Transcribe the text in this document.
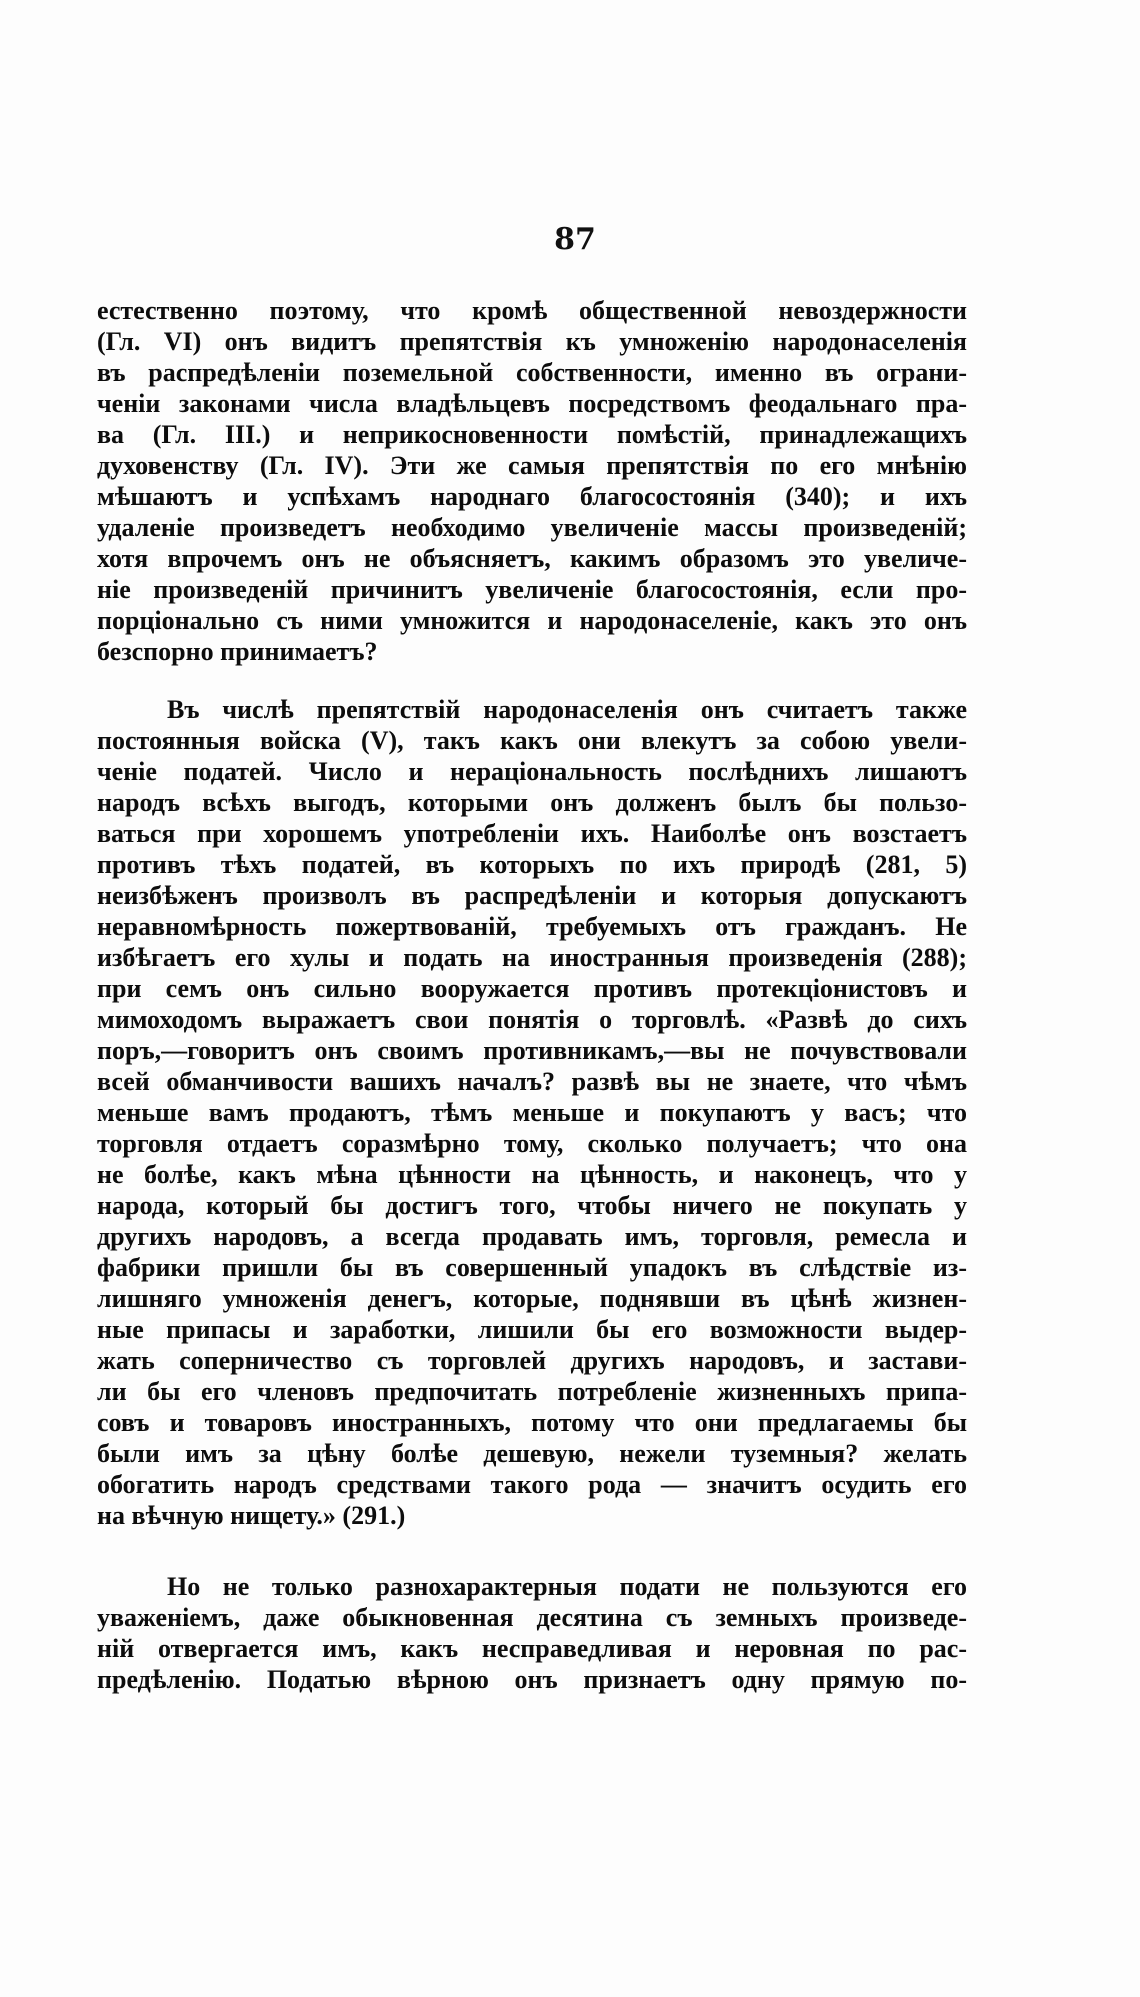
87
естественно поэтому, что кромѣ общественной невоздержности
(Гл. VI) онъ видитъ препятствія къ умноженію народонаселенія
въ распредѣленіи поземельной собственности, именно въ ограни-
ченіи законами числа владѣльцевъ посредствомъ феодальнаго пра-
ва (Гл. III.) и неприкосновенности помѣстій, принадлежащихъ
духовенству (Гл. IV). Эти же самыя препятствія по его мнѣнію
мѣшаютъ и успѣхамъ народнаго благосостоянія (340); и ихъ
удаленіе произведетъ необходимо увеличеніе массы произведеній;
хотя впрочемъ онъ не объясняетъ, какимъ образомъ это увеличе-
ніе произведеній причинитъ увеличеніе благосостоянія, если про-
порціонально съ ними умножится и народонаселеніе, какъ это онъ
безспорно принимаетъ?
Въ числѣ препятствій народонаселенія онъ считаетъ также
постоянныя войска (V), такъ какъ они влекутъ за собою увели-
ченіе податей. Число и нераціональность послѣднихъ лишаютъ
народъ всѣхъ выгодъ, которыми онъ долженъ былъ бы пользо-
ваться при хорошемъ употребленіи ихъ. Наиболѣе онъ возстаетъ
противъ тѣхъ податей, въ которыхъ по ихъ природѣ (281, 5)
неизбѣженъ произволъ въ распредѣленіи и которыя допускаютъ
неравномѣрность пожертвованій, требуемыхъ отъ гражданъ. Не
избѣгаетъ его хулы и подать на иностранныя произведенія (288);
при семъ онъ сильно вооружается противъ протекціонистовъ и
мимоходомъ выражаетъ свои понятія о торговлѣ. «Развѣ до сихъ
поръ,—говоритъ онъ своимъ противникамъ,—вы не почувствовали
всей обманчивости вашихъ началъ? развѣ вы не знаете, что чѣмъ
меньше вамъ продаютъ, тѣмъ меньше и покупаютъ у васъ; что
торговля отдаетъ соразмѣрно тому, сколько получаетъ; что она
не болѣе, какъ мѣна цѣнности на цѣнность, и наконецъ, что у
народа, который бы достигъ того, чтобы ничего не покупать у
другихъ народовъ, а всегда продавать имъ, торговля, ремесла и
фабрики пришли бы въ совершенный упадокъ въ слѣдствіе из-
лишняго умноженія денегъ, которые, поднявши въ цѣнѣ жизнен-
ные припасы и заработки, лишили бы его возможности выдер-
жать соперничество съ торговлей другихъ народовъ, и застави-
ли бы его членовъ предпочитать потребленіе жизненныхъ припа-
совъ и товаровъ иностранныхъ, потому что они предлагаемы бы
были имъ за цѣну болѣе дешевую, нежели туземныя? желать
обогатить народъ средствами такого рода — значитъ осудить его
на вѣчную нищету.» (291.)
Но не только разнохарактерныя подати не пользуются его
уваженіемъ, даже обыкновенная десятина съ земныхъ произведе-
ній отвергается имъ, какъ несправедливая и неровная по рас-
предѣленію. Податью вѣрною онъ признаетъ одну прямую по-
